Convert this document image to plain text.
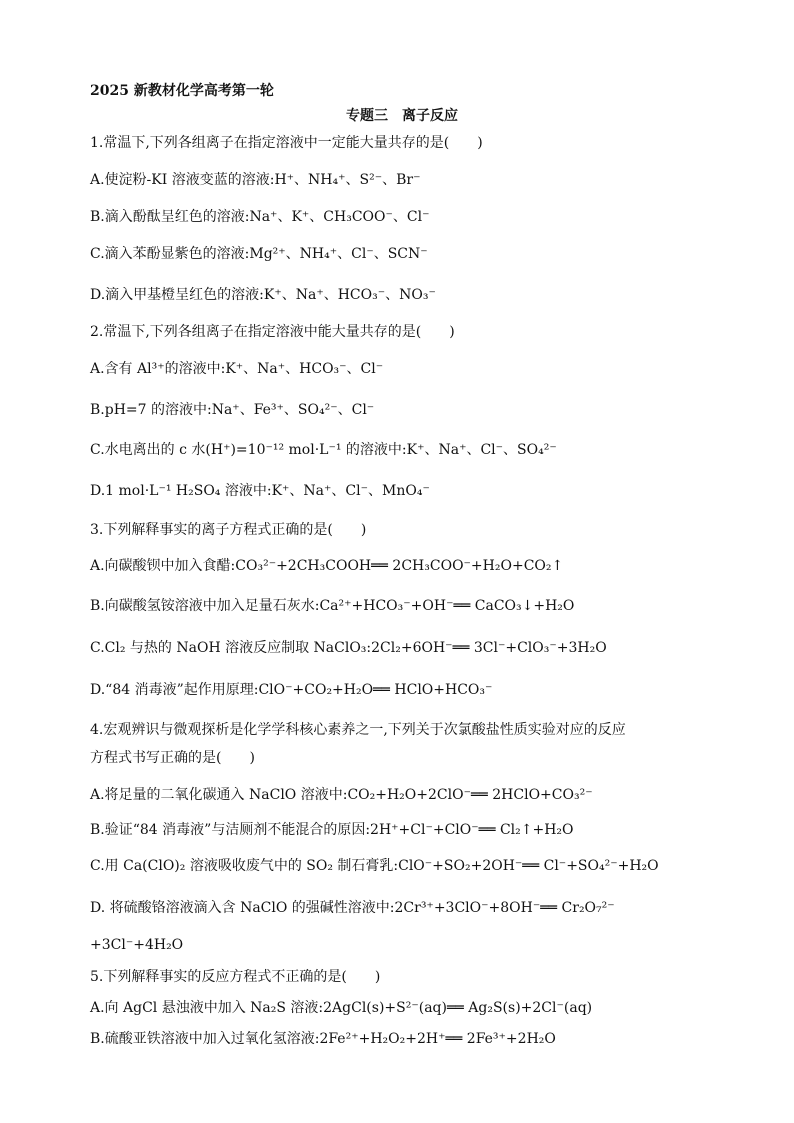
2025 新教材化学高考第一轮
专题三　离子反应
1.常温下,下列各组离子在指定溶液中一定能大量共存的是(　　)
A.使淀粉-KI 溶液变蓝的溶液:H⁺、NH₄⁺、S²⁻、Br⁻
B.滴入酚酞呈红色的溶液:Na⁺、K⁺、CH₃COO⁻、Cl⁻
C.滴入苯酚显紫色的溶液:Mg²⁺、NH₄⁺、Cl⁻、SCN⁻
D.滴入甲基橙呈红色的溶液:K⁺、Na⁺、HCO₃⁻、NO₃⁻
2.常温下,下列各组离子在指定溶液中能大量共存的是(　　)
A.含有 Al³⁺的溶液中:K⁺、Na⁺、HCO₃⁻、Cl⁻
B.pH=7 的溶液中:Na⁺、Fe³⁺、SO₄²⁻、Cl⁻
C.水电离出的 c 水(H⁺)=10⁻¹² mol·L⁻¹ 的溶液中:K⁺、Na⁺、Cl⁻、SO₄²⁻
D.1 mol·L⁻¹ H₂SO₄ 溶液中:K⁺、Na⁺、Cl⁻、MnO₄⁻
3.下列解释事实的离子方程式正确的是(　　)
A.向碳酸钡中加入食醋:CO₃²⁻+2CH₃COOH══ 2CH₃COO⁻+H₂O+CO₂↑
B.向碳酸氢铵溶液中加入足量石灰水:Ca²⁺+HCO₃⁻+OH⁻══ CaCO₃↓+H₂O
C.Cl₂ 与热的 NaOH 溶液反应制取 NaClO₃:2Cl₂+6OH⁻══ 3Cl⁻+ClO₃⁻+3H₂O
D.“84 消毒液”起作用原理:ClO⁻+CO₂+H₂O══ HClO+HCO₃⁻
4.宏观辨识与微观探析是化学学科核心素养之一,下列关于次氯酸盐性质实验对应的反应
方程式书写正确的是(　　)
A.将足量的二氧化碳通入 NaClO 溶液中:CO₂+H₂O+2ClO⁻══ 2HClO+CO₃²⁻
B.验证“84 消毒液”与洁厕剂不能混合的原因:2H⁺+Cl⁻+ClO⁻══ Cl₂↑+H₂O
C.用 Ca(ClO)₂ 溶液吸收废气中的 SO₂ 制石膏乳:ClO⁻+SO₂+2OH⁻══ Cl⁻+SO₄²⁻+H₂O
D. 将硫酸铬溶液滴入含 NaClO 的强碱性溶液中:2Cr³⁺+3ClO⁻+8OH⁻══ Cr₂O₇²⁻
+3Cl⁻+4H₂O
5.下列解释事实的反应方程式不正确的是(　　)
A.向 AgCl 悬浊液中加入 Na₂S 溶液:2AgCl(s)+S²⁻(aq)══ Ag₂S(s)+2Cl⁻(aq)
B.硫酸亚铁溶液中加入过氧化氢溶液:2Fe²⁺+H₂O₂+2H⁺══ 2Fe³⁺+2H₂O
